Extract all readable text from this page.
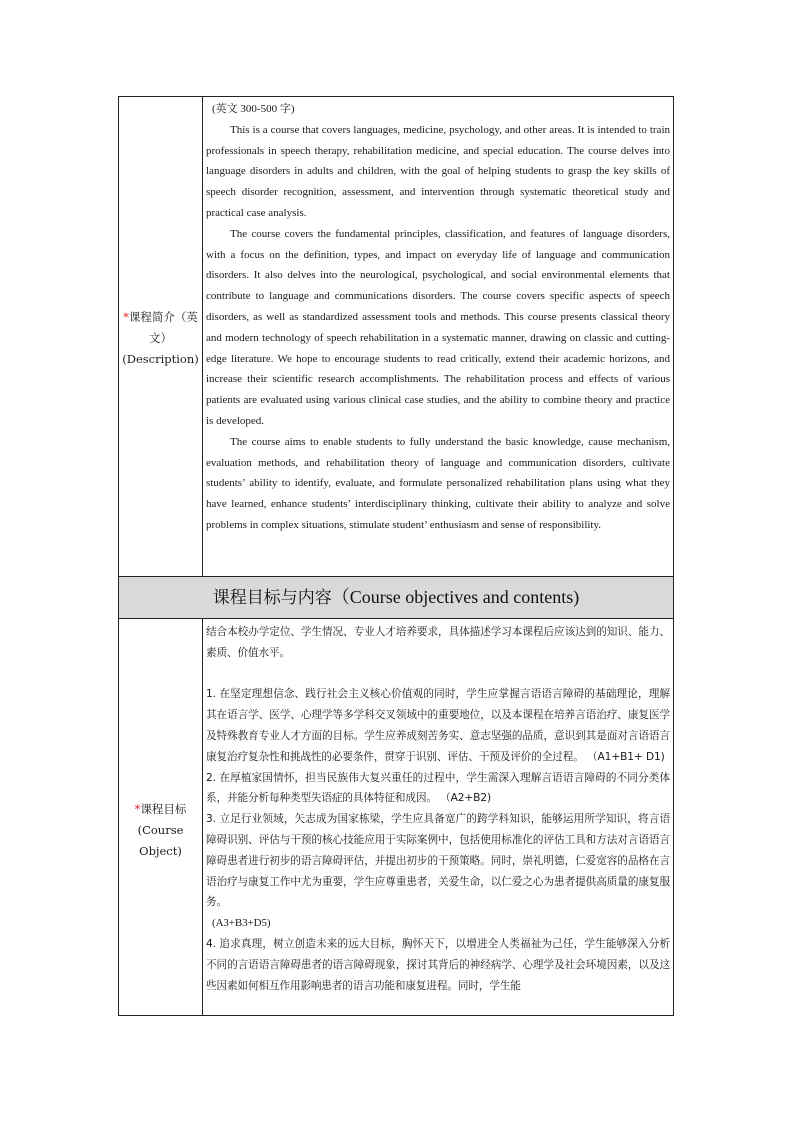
*课程简介（英
文）
(Description)

(英文 300-500 字)

This is a course that covers languages, medicine, psychology, and other areas. It is intended to train professionals in speech therapy, rehabilitation medicine, and special education. The course delves into language disorders in adults and children, with the goal of helping students to grasp the key skills of speech disorder recognition, assessment, and intervention through systematic theoretical study and practical case analysis.

The course covers the fundamental principles, classification, and features of language disorders, with a focus on the definition, types, and impact on everyday life of language and communication disorders. It also delves into the neurological, psychological, and social environmental elements that contribute to language and communications disorders. The course covers specific aspects of speech disorders, as well as standardized assessment tools and methods. This course presents classical theory and modern technology of speech rehabilitation in a systematic manner, drawing on classic and cutting-edge literature. We hope to encourage students to read critically, extend their academic horizons, and increase their scientific research accomplishments. The rehabilitation process and effects of various patients are evaluated using various clinical case studies, and the ability to combine theory and practice is developed.

The course aims to enable students to fully understand the basic knowledge, cause mechanism, evaluation methods, and rehabilitation theory of language and communication disorders, cultivate students’ ability to identify, evaluate, and formulate personalized rehabilitation plans using what they have learned, enhance students’ interdisciplinary thinking, cultivate their ability to analyze and solve problems in complex situations, stimulate student’ enthusiasm and sense of responsibility.

课程目标与内容（Course objectives and contents)
*课程目标
(Course Object)

结合本校办学定位、学生情况、专业人才培养要求，具体描述学习本课程后应该达到的知识、能力、素质、价值水平。

1. 在坚定理想信念、践行社会主义核心价值观的同时，学生应掌握言语语言障碍的基础理论，理解其在语言学、医学、心理学等多学科交叉领域中的重要地位，以及本课程在培养言语治疗、康复医学及特殊教育专业人才方面的目标。学生应养成刻苦务实、意志坚强的品质，意识到其是面对言语语言康复治疗复杂性和挑战性的必要条件，贯穿于识别、评估、干预及评价的全过程。 （A1+B1+ D1)

2. 在厚植家国情怀，担当民族伟大复兴重任的过程中，学生需深入理解言语语言障碍的不同分类体系，并能分析每种类型失语症的具体特征和成因。 （A2+B2)

3. 立足行业领域，矢志成为国家栋梁，学生应具备宽广的跨学科知识，能够运用所学知识，将言语障碍识别、评估与干预的核心技能应用于实际案例中，包括使用标准化的评估工具和方法对言语语言障碍患者进行初步的语言障碍评估，并提出初步的干预策略。同时，崇礼明德，仁爱宽容的品格在言语治疗与康复工作中尤为重要，学生应尊重患者，关爱生命，以仁爱之心为患者提供高质量的康复服务。

(A3+B3+D5)

4. 追求真理，树立创造未来的远大目标，胸怀天下，以增进全人类福祉为己任，学生能够深入分析不同的言语语言障碍患者的语言障碍现象，探讨其背后的神经病学、心理学及社会环境因素，以及这些因素如何相互作用影响患者的语言功能和康复进程。同时，学生能
